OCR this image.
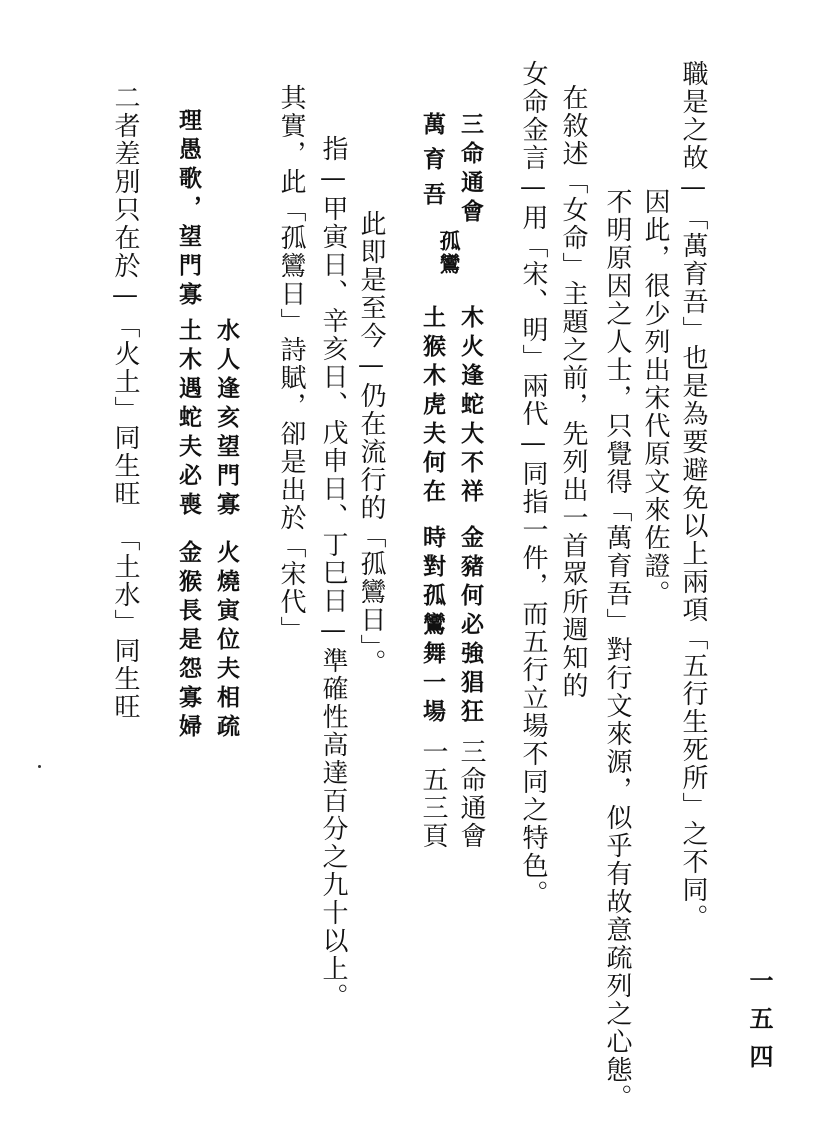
職是之故—「萬育吾」也是為要避免以上兩項「五行生死所」之不同。
因此，很少列出宋代原文來佐證。
不明原因之人士，只覺得「萬育吾」對行文來源，似乎有故意疏列之心態。
在敘述「女命」主題之前，先列出一首眾所週知的
女命金言—用「宋、明」兩代—同指一件，而五行立場不同之特色。
三命通會
木火逢蛇大不祥
金豬何必強猖狂
三命通會
萬育吾
孤鸞
土猴木虎夫何在
時對孤鸞舞一場
一五三頁
此即是至今—仍在流行的「孤鸞日」。
指—甲寅日、辛亥日、戊申日、丁巳日—準確性高達百分之九十以上。
其實，此「孤鸞日」詩賦，卻是出於「宋代」
水人逢亥望門寡
火燒寅位夫相疏
理愚歌，望門寡
土木遇蛇夫必喪
金猴長是怨寡婦
二者差別只在於—「火土」同生旺
「土水」同生旺
一五四
